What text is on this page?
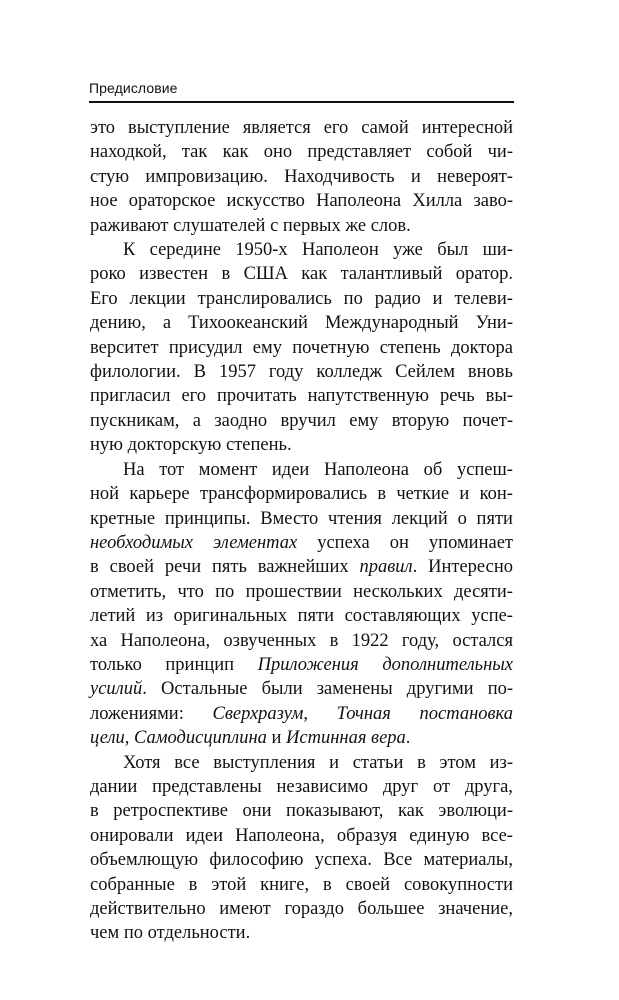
Предисловие
это выступление является его самой интересной
находкой, так как оно представляет собой чи-
стую импровизацию. Находчивость и невероят-
ное ораторское искусство Наполеона Хилла заво-
раживают слушателей с первых же слов.
К середине 1950-х Наполеон уже был ши-
роко известен в США как талантливый оратор.
Его лекции транслировались по радио и телеви-
дению, а Тихоокеанский Международный Уни-
верситет присудил ему почетную степень доктора
филологии. В 1957 году колледж Сейлем вновь
пригласил его прочитать напутственную речь вы-
пускникам, а заодно вручил ему вторую почет-
ную докторскую степень.
На тот момент идеи Наполеона об успеш-
ной карьере трансформировались в четкие и кон-
кретные принципы. Вместо чтения лекций о пяти
необходимых элементах успеха он упоминает
в своей речи пять важнейших правил. Интересно
отметить, что по прошествии нескольких десяти-
летий из оригинальных пяти составляющих успе-
ха Наполеона, озвученных в 1922 году, остался
только принцип Приложения дополнительных
усилий. Остальные были заменены другими по-
ложениями: Сверхразум, Точная постановка
цели, Самодисциплина и Истинная вера.
Хотя все выступления и статьи в этом из-
дании представлены независимо друг от друга,
в ретроспективе они показывают, как эволюци-
онировали идеи Наполеона, образуя единую все-
объемлющую философию успеха. Все материалы,
собранные в этой книге, в своей совокупности
действительно имеют гораздо большее значение,
чем по отдельности.
